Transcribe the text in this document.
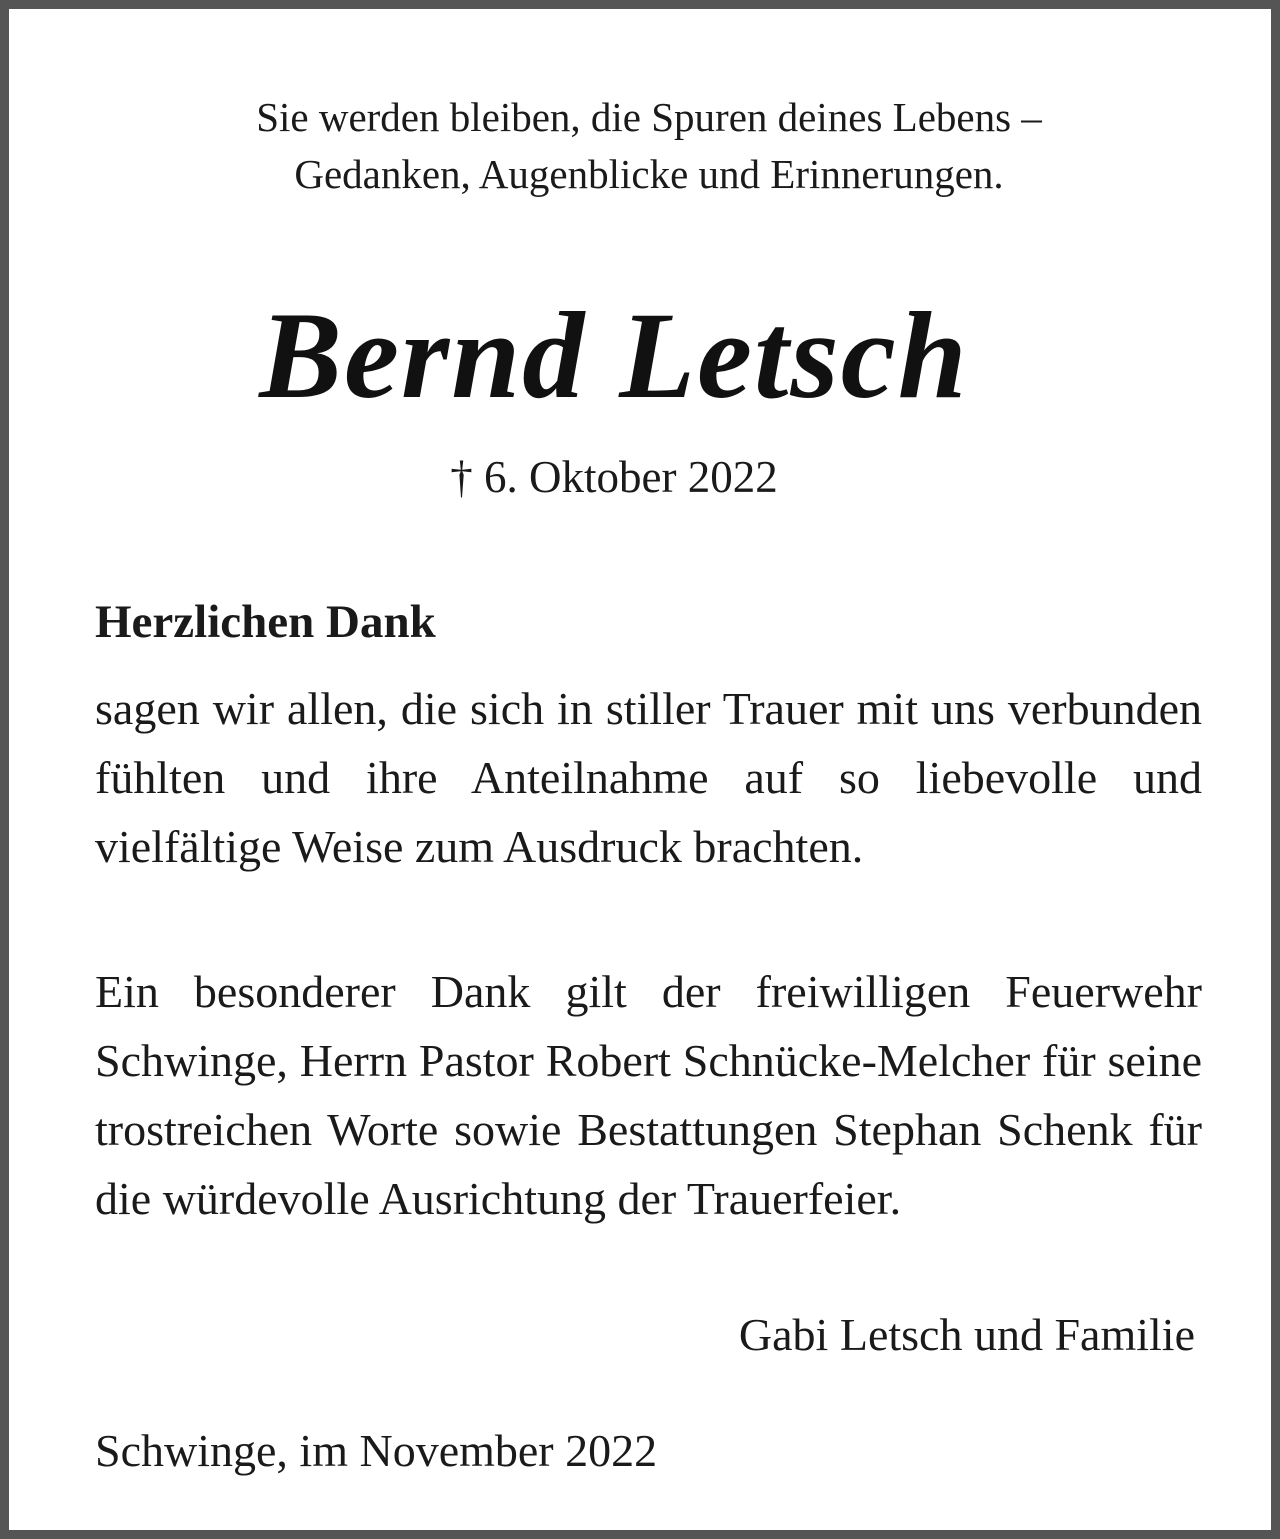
Sie werden bleiben, die Spuren deines Lebens –
Gedanken, Augenblicke und Erinnerungen.
Bernd Letsch
† 6. Oktober 2022
Herzlichen Dank

sagen wir allen, die sich in stiller Trauer mit uns verbunden fühlten und ihre Anteilnahme auf so liebevolle und vielfältige Weise zum Ausdruck brachten.

Ein besonderer Dank gilt der freiwilligen Feuerwehr Schwinge, Herrn Pastor Robert Schnücke-Melcher für seine trostreichen Worte sowie Bestattungen Stephan Schenk für die würdevolle Ausrichtung der Trauerfeier.

Gabi Letsch und Familie
Schwinge, im November 2022
